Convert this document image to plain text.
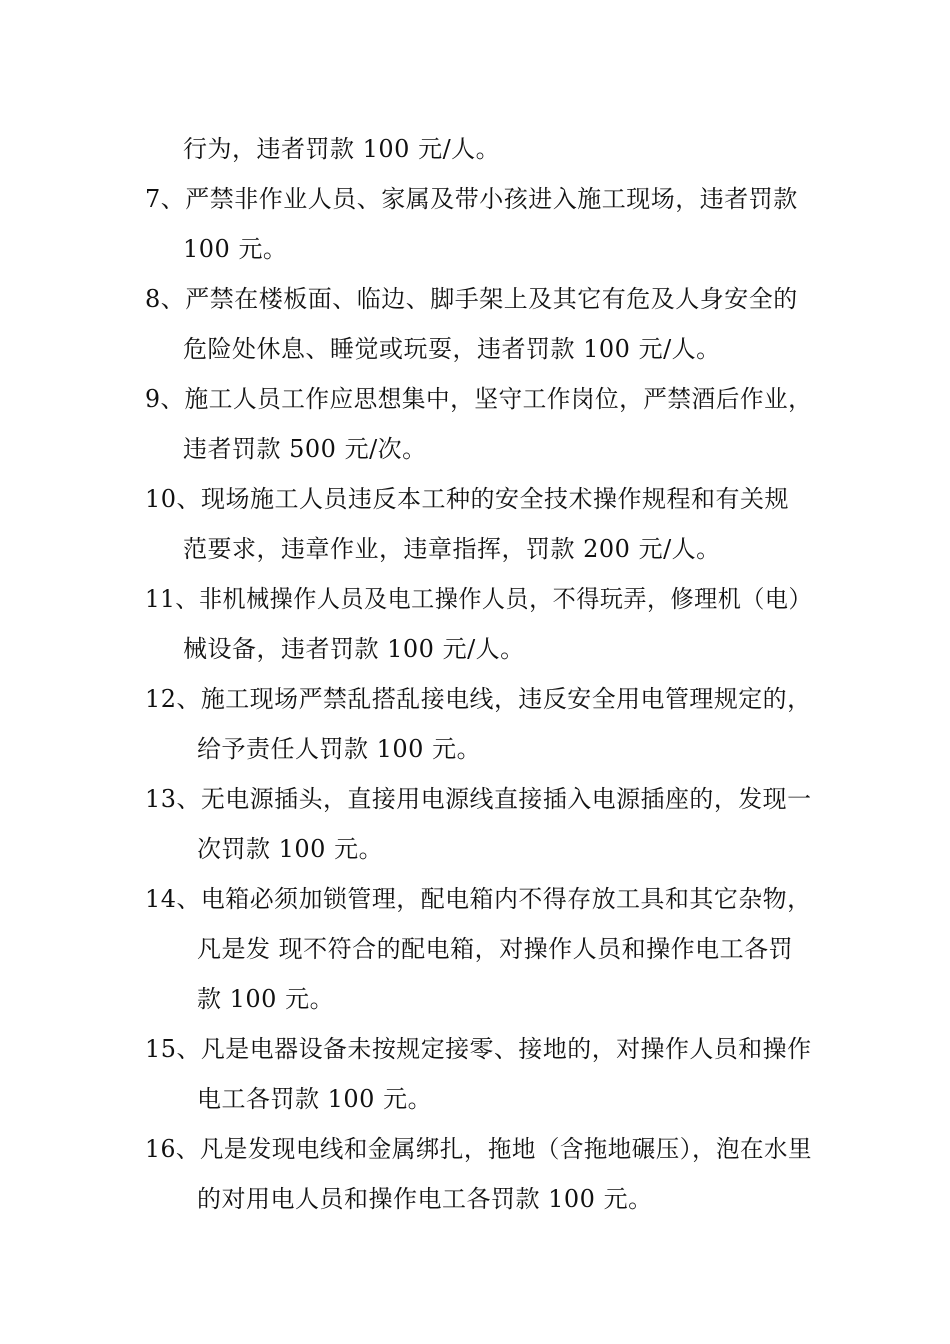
行为，违者罚款 100 元/人。
7、严禁非作业人员、家属及带小孩进入施工现场，违者罚款
100 元。
8、严禁在楼板面、临边、脚手架上及其它有危及人身安全的
危险处休息、睡觉或玩耍，违者罚款 100 元/人。
9、施工人员工作应思想集中，坚守工作岗位，严禁酒后作业，
违者罚款 500 元/次。
10、现场施工人员违反本工种的安全技术操作规程和有关规
范要求，违章作业，违章指挥，罚款 200 元/人。
11、非机械操作人员及电工操作人员，不得玩弄，修理机（电）
械设备，违者罚款 100 元/人。
12、施工现场严禁乱搭乱接电线，违反安全用电管理规定的，
给予责任人罚款 100 元。
13、无电源插头，直接用电源线直接插入电源插座的，发现一
次罚款 100 元。
14、电箱必须加锁管理，配电箱内不得存放工具和其它杂物，
凡是发 现不符合的配电箱，对操作人员和操作电工各罚
款 100 元。
15、凡是电器设备未按规定接零、接地的，对操作人员和操作
电工各罚款 100 元。
16、凡是发现电线和金属绑扎，拖地（含拖地碾压），泡在水里
的对用电人员和操作电工各罚款 100 元。
